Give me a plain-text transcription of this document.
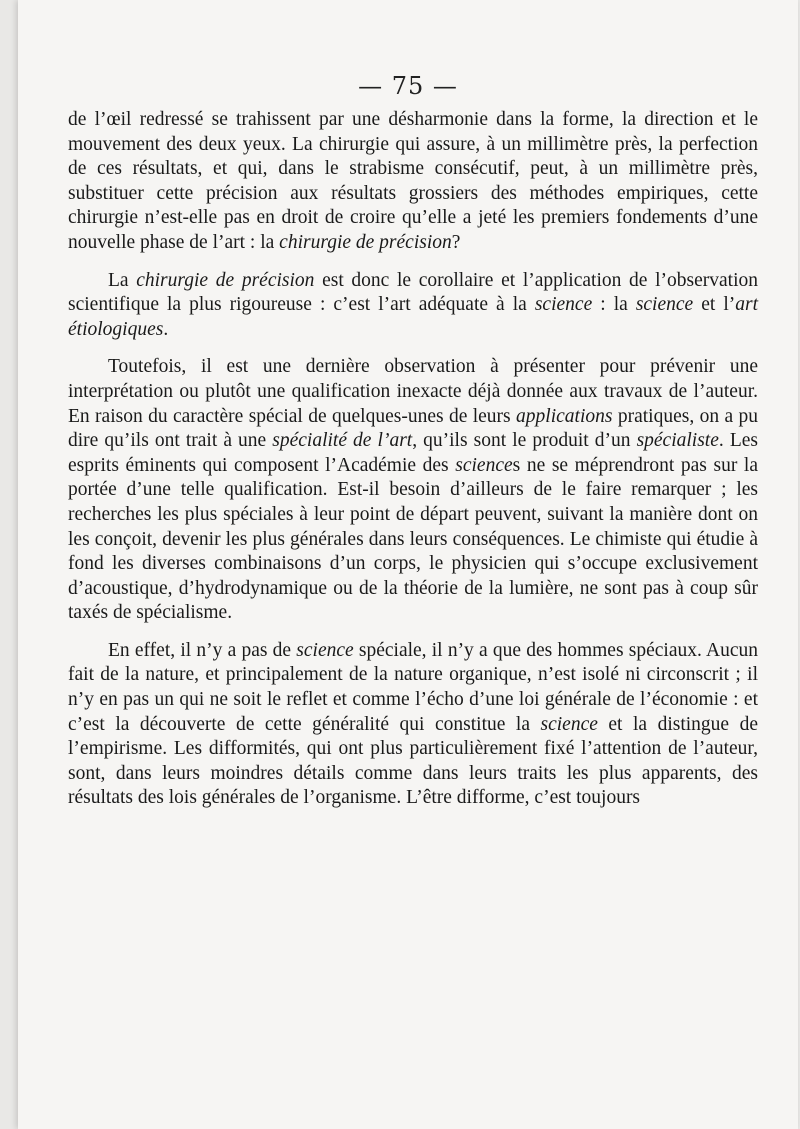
— 75 —

de l’œil redressé se trahissent par une désharmonie dans la forme, la direction et le mouvement des deux yeux. La chirurgie qui assure, à un millimètre près, la perfection de ces résultats, et qui, dans le strabisme consécutif, peut, à un millimètre près, substituer cette précision aux résultats grossiers des méthodes empiriques, cette chirurgie n’est-elle pas en droit de croire qu’elle a jeté les premiers fondements d’une nouvelle phase de l’art : la chirurgie de précision?

La chirurgie de précision est donc le corollaire et l’application de l’observation scientifique la plus rigoureuse : c’est l’art adéquate à la science : la science et l’art étiologiques.

Toutefois, il est une dernière observation à présenter pour prévenir une interprétation ou plutôt une qualification inexacte déjà donnée aux travaux de l’auteur. En raison du caractère spécial de quelques-unes de leurs applications pratiques, on a pu dire qu’ils ont trait à une spécialité de l’art, qu’ils sont le produit d’un spécialiste. Les esprits éminents qui composent l’Académie des sciences ne se méprendront pas sur la portée d’une telle qualification. Est-il besoin d’ailleurs de le faire remarquer ; les recherches les plus spéciales à leur point de départ peuvent, suivant la manière dont on les conçoit, devenir les plus générales dans leurs conséquences. Le chimiste qui étudie à fond les diverses combinaisons d’un corps, le physicien qui s’occupe exclusivement d’acoustique, d’hydrodynamique ou de la théorie de la lumière, ne sont pas à coup sûr taxés de spécialisme.

En effet, il n’y a pas de science spéciale, il n’y a que des hommes spéciaux. Aucun fait de la nature, et principalement de la nature organique, n’est isolé ni circonscrit ; il n’y en pas un qui ne soit le reflet et comme l’écho d’une loi générale de l’économie : et c’est la découverte de cette généralité qui constitue la science et la distingue de l’empirisme. Les difformités, qui ont plus particulièrement fixé l’attention de l’auteur, sont, dans leurs moindres détails comme dans leurs traits les plus apparents, des résultats des lois générales de l’organisme. L’être difforme, c’est toujours
